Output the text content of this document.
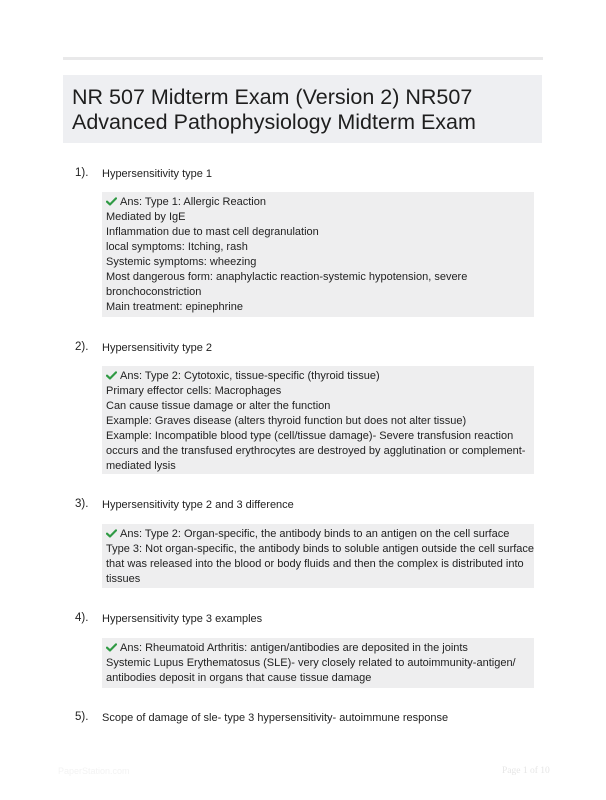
NR 507 Midterm Exam (Version 2) NR507
Advanced Pathophysiology Midterm Exam
1). Hypersensitivity type 1
Ans: Type 1: Allergic Reaction
Mediated by IgE
Inflammation due to mast cell degranulation
local symptoms: Itching, rash
Systemic symptoms: wheezing
Most dangerous form: anaphylactic reaction-systemic hypotension, severe
bronchoconstriction
Main treatment: epinephrine
2). Hypersensitivity type 2
Ans: Type 2: Cytotoxic, tissue-specific (thyroid tissue)
Primary effector cells: Macrophages
Can cause tissue damage or alter the function
Example: Graves disease (alters thyroid function but does not alter tissue)
Example: Incompatible blood type (cell/tissue damage)- Severe transfusion reaction
occurs and the transfused erythrocytes are destroyed by agglutination or complement-
mediated lysis
3). Hypersensitivity type 2 and 3 difference
Ans: Type 2: Organ-specific, the antibody binds to an antigen on the cell surface
Type 3: Not organ-specific, the antibody binds to soluble antigen outside the cell surface
that was released into the blood or body fluids and then the complex is distributed into
tissues
4). Hypersensitivity type 3 examples
Ans: Rheumatoid Arthritis: antigen/antibodies are deposited in the joints
Systemic Lupus Erythematosus (SLE)- very closely related to autoimmunity-antigen/
antibodies deposit in organs that cause tissue damage
5). Scope of damage of sle- type 3 hypersensitivity- autoimmune response
PaperStation.com	Page 1 of 10
